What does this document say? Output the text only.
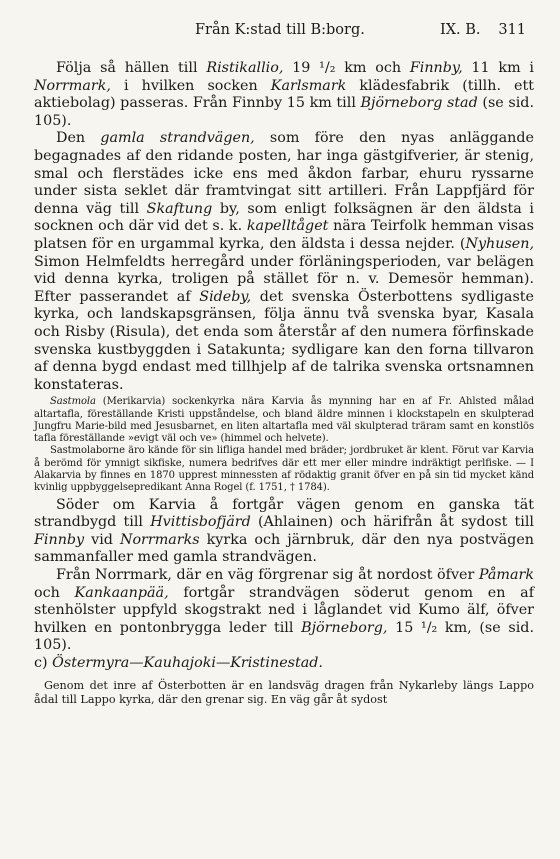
Från K:stad till B:borg.	IX. B. 311

Följa så hällen till Ristikallio, 19 ¹/₂ km och Finnby, 11 km i Norrmark, i hvilken socken Karlsmark klädesfabrik (tillh. ett aktiebolag) passeras. Från Finnby 15 km till Björneborg stad (se sid. 105).

Den gamla strandvägen, som före den nyas anläggande begagnades af den ridande posten, har inga gästgifverier, är stenig, smal och flerstädes icke ens med åkdon farbar, ehuru ryssarne under sista seklet där framtvingat sitt artilleri. Från Lappfjärd för denna väg till Skaftung by, som enligt folksägnen är den äldsta i socknen och där vid det s. k. kapelltåget nära Teirfolk hemman visas platsen för en urgammal kyrka, den äldsta i dessa nejder. (Nyhusen, Simon Helmfeldts herregård under förläningsperioden, var belägen vid denna kyrka, troligen på stället för n. v. Demesör hemman). Efter passerandet af Sideby, det svenska Österbottens sydligaste kyrka, och landskapsgränsen, följa ännu två svenska byar, Kasala och Risby (Risula), det enda som återstår af den numera förfinskade svenska kustbyggden i Satakunta; sydligare kan den forna tillvaron af denna bygd endast med tillhjelp af de talrika svenska ortsnamnen konstateras.

Sastmola (Merikarvia) sockenkyrka nära Karvia ås mynning har en af Fr. Ahlsted målad altartafla, föreställande Kristi uppståndelse, och bland äldre minnen i klockstapeln en skulpterad Jungfru Marie-bild med Jesusbarnet, en liten altartafla med väl skulpterad träram samt en konstlös tafla föreställande »evigt väl och ve» (himmel och helvete).

Sastmolaborne äro kände för sin lifliga handel med bräder; jordbruket är klent. Förut var Karvia å berömd för ymnigt sikfiske, numera bedrifves där ett mer eller mindre indräktigt perlfiske. — I Alakarvia by finnes en 1870 upprest minnessten af rödaktig granit öfver en på sin tid mycket känd kvinlig uppbyggelsepredikant Anna Rogel (f. 1751, † 1784).

Söder om Karvia å fortgår vägen genom en ganska tät strandbygd till Hvittisbofjärd (Ahlainen) och härifrån åt sydost till Finnby vid Norrmarks kyrka och järnbruk, där den nya postvägen sammanfaller med gamla strandvägen.

Från Norrmark, där en väg förgrenar sig åt nordost öfver Påmark och Kankaanpää, fortgår strandvägen söderut genom en af stenhölster uppfyld skogstrakt ned i låglandet vid Kumo älf, öfver hvilken en pontonbrygga leder till Björneborg, 15 ¹/₂ km, (se sid. 105).

c) Östermyra—Kauhajoki—Kristinestad.

Genom det inre af Österbotten är en landsväg dragen från Nykarleby längs Lappo ådal till Lappo kyrka, där den grenar sig. En väg går åt sydost
